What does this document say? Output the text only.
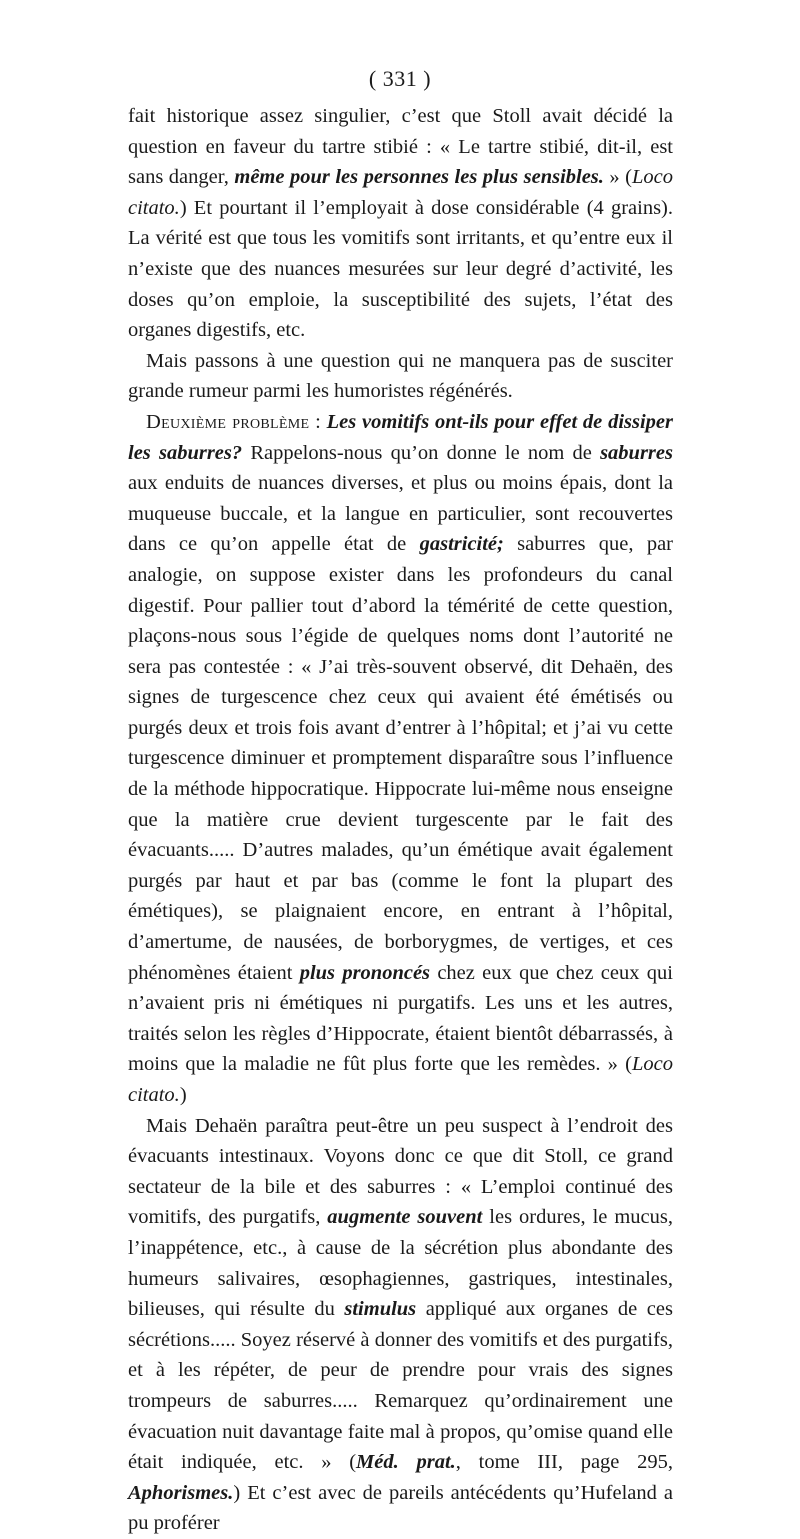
( 331 )

fait historique assez singulier, c’est que Stoll avait décidé la question en faveur du tartre stibié : « Le tartre stibié, dit-il, est sans danger, même pour les personnes les plus sensibles. » (Loco citato.) Et pourtant il l’employait à dose considérable (4 grains). La vérité est que tous les vomitifs sont irritants, et qu’entre eux il n’existe que des nuances mesurées sur leur degré d’activité, les doses qu’on emploie, la susceptibilité des sujets, l’état des organes digestifs, etc.

Mais passons à une question qui ne manquera pas de susciter grande rumeur parmi les humoristes régénérés.

Deuxième problème : Les vomitifs ont-ils pour effet de dissiper les saburres? Rappelons-nous qu’on donne le nom de saburres aux enduits de nuances diverses, et plus ou moins épais, dont la muqueuse buccale, et la langue en particulier, sont recouvertes dans ce qu’on appelle état de gastricité; saburres que, par analogie, on suppose exister dans les profondeurs du canal digestif. Pour pallier tout d’abord la témérité de cette question, plaçons-nous sous l’égide de quelques noms dont l’autorité ne sera pas contestée : « J’ai très-souvent observé, dit Dehaën, des signes de turgescence chez ceux qui avaient été émétisés ou purgés deux et trois fois avant d’entrer à l’hôpital; et j’ai vu cette turgescence diminuer et promptement disparaître sous l’influence de la méthode hippocratique. Hippocrate lui-même nous enseigne que la matière crue devient turgescente par le fait des évacuants..... D’autres malades, qu’un émétique avait également purgés par haut et par bas (comme le font la plupart des émétiques), se plaignaient encore, en entrant à l’hôpital, d’amertume, de nausées, de borborygmes, de vertiges, et ces phénomènes étaient plus prononcés chez eux que chez ceux qui n’avaient pris ni émétiques ni purgatifs. Les uns et les autres, traités selon les règles d’Hippocrate, étaient bientôt débarrassés, à moins que la maladie ne fût plus forte que les remèdes. » (Loco citato.)

Mais Dehaën paraîtra peut-être un peu suspect à l’endroit des évacuants intestinaux. Voyons donc ce que dit Stoll, ce grand sectateur de la bile et des saburres : « L’emploi continué des vomitifs, des purgatifs, augmente souvent les ordures, le mucus, l’inappétence, etc., à cause de la sécrétion plus abondante des humeurs salivaires, œsophagiennes, gastriques, intestinales, bilieuses, qui résulte du stimulus appliqué aux organes de ces sécrétions..... Soyez réservé à donner des vomitifs et des purgatifs, et à les répéter, de peur de prendre pour vrais des signes trompeurs de saburres..... Remarquez qu’ordinairement une évacuation nuit davantage faite mal à propos, qu’omise quand elle était indiquée, etc. » (Méd. prat., tome III, page 295, Aphorismes.) Et c’est avec de pareils antécédents qu’Hufeland a pu proférer
